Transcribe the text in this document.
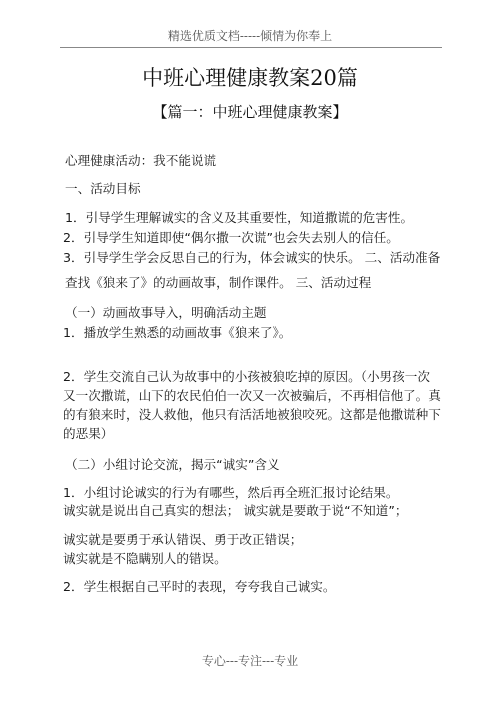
精选优质文档-----倾情为你奉上
中班心理健康教案20篇
【篇一：中班心理健康教案】
心理健康活动：我不能说谎
一、活动目标
1．引导学生理解诚实的含义及其重要性，知道撒谎的危害性。
2．引导学生知道即使“偶尔撒一次谎”也会失去别人的信任。
3．引导学生学会反思自己的行为，体会诚实的快乐。 二、活动准备
查找《狼来了》的动画故事，制作课件。 三、活动过程
（一）动画故事导入，明确活动主题
1．播放学生熟悉的动画故事《狼来了》。
2．学生交流自己认为故事中的小孩被狼吃掉的原因。（小男孩一次
又一次撒谎，山下的农民伯伯一次又一次被骗后，不再相信他了。真
的有狼来时，没人救他，他只有活活地被狼咬死。这都是他撒谎种下
的恶果）
（二）小组讨论交流，揭示“诚实”含义
1．小组讨论诚实的行为有哪些，然后再全班汇报讨论结果。
诚实就是说出自己真实的想法； 诚实就是要敢于说“不知道”；
诚实就是要勇于承认错误、勇于改正错误；
诚实就是不隐瞒别人的错误。
2．学生根据自己平时的表现，夸夸我自己诚实。
专心---专注---专业
